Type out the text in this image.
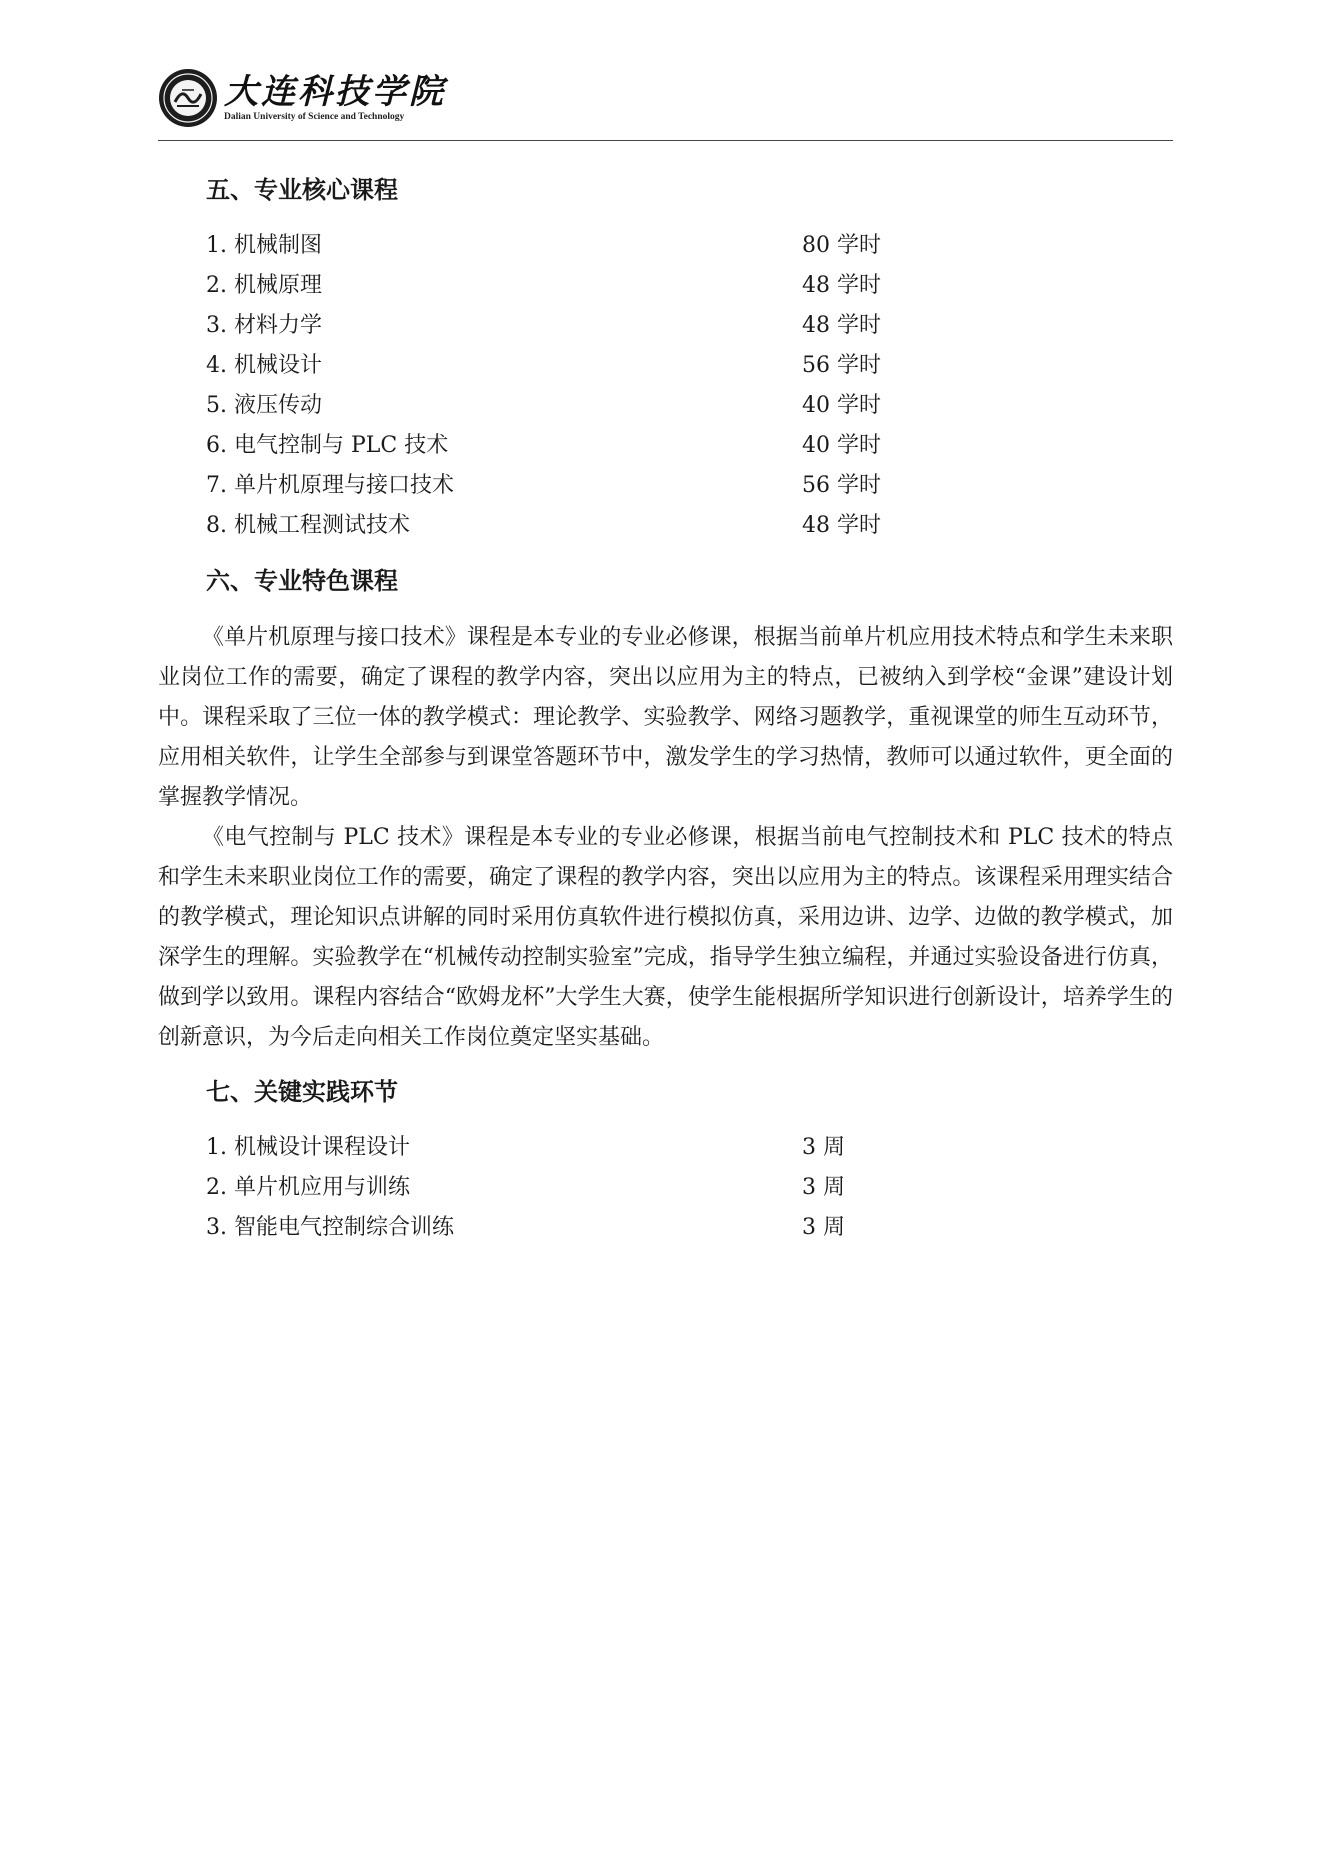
大连科技学院
Dalian University of Science and Technology
五、专业核心课程
1. 机械制图	80 学时
2. 机械原理	48 学时
3. 材料力学	48 学时
4. 机械设计	56 学时
5. 液压传动	40 学时
6. 电气控制与 PLC 技术	40 学时
7. 单片机原理与接口技术	56 学时
8. 机械工程测试技术	48 学时
六、专业特色课程
《单片机原理与接口技术》课程是本专业的专业必修课，根据当前单片机应用技术特点和学生未来职业岗位工作的需要，确定了课程的教学内容，突出以应用为主的特点，已被纳入到学校“金课”建设计划中。课程采取了三位一体的教学模式：理论教学、实验教学、网络习题教学，重视课堂的师生互动环节，应用相关软件，让学生全部参与到课堂答题环节中，激发学生的学习热情，教师可以通过软件，更全面的掌握教学情况。
《电气控制与 PLC 技术》课程是本专业的专业必修课，根据当前电气控制技术和 PLC 技术的特点和学生未来职业岗位工作的需要，确定了课程的教学内容，突出以应用为主的特点。该课程采用理实结合的教学模式，理论知识点讲解的同时采用仿真软件进行模拟仿真，采用边讲、边学、边做的教学模式，加深学生的理解。实验教学在“机械传动控制实验室”完成，指导学生独立编程，并通过实验设备进行仿真，做到学以致用。课程内容结合“欧姆龙杯”大学生大赛，使学生能根据所学知识进行创新设计，培养学生的创新意识，为今后走向相关工作岗位奠定坚实基础。
七、关键实践环节
1. 机械设计课程设计	3 周
2. 单片机应用与训练	3 周
3. 智能电气控制综合训练	3 周
